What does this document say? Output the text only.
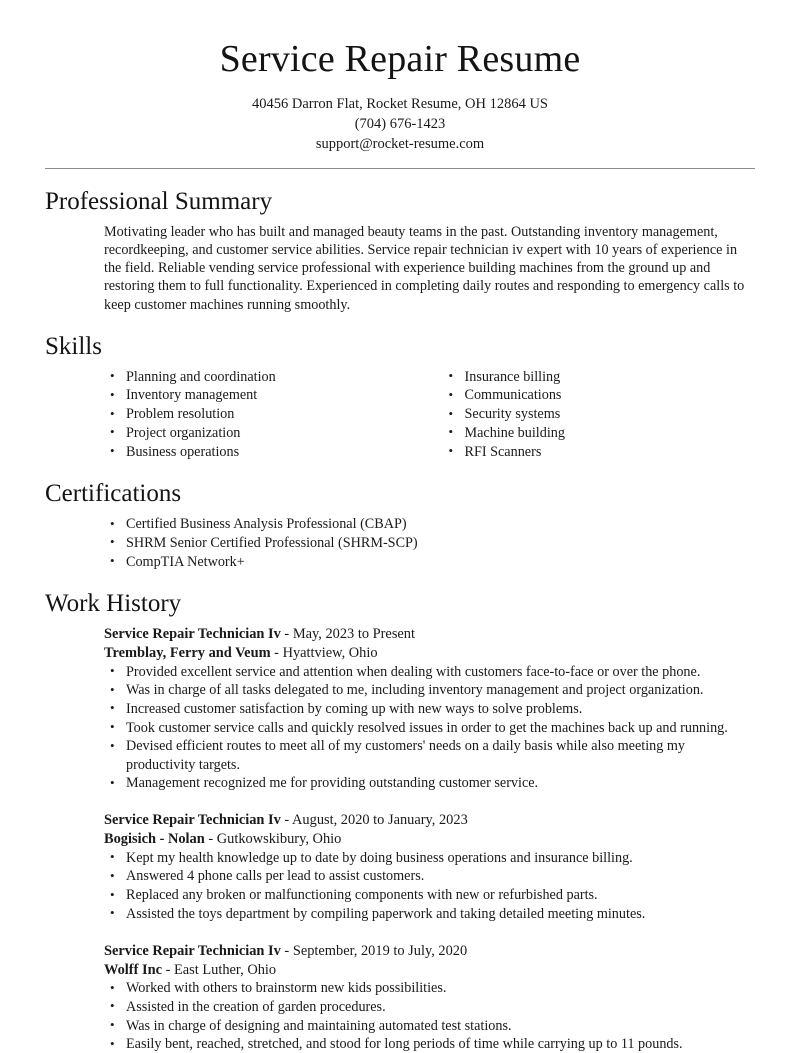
Service Repair Resume
40456 Darron Flat, Rocket Resume, OH 12864 US
(704) 676-1423
support@rocket-resume.com
Professional Summary

Motivating leader who has built and managed beauty teams in the past. Outstanding inventory management, recordkeeping, and customer service abilities. Service repair technician iv expert with 10 years of experience in the field. Reliable vending service professional with experience building machines from the ground up and restoring them to full functionality. Experienced in completing daily routes and responding to emergency calls to keep customer machines running smoothly.

Skills
• Planning and coordination
• Inventory management
• Problem resolution
• Project organization
• Business operations
• Insurance billing
• Communications
• Security systems
• Machine building
• RFI Scanners
Certifications
• Certified Business Analysis Professional (CBAP)
• SHRM Senior Certified Professional (SHRM-SCP)
• CompTIA Network+
Work History
Service Repair Technician Iv - May, 2023 to Present
Tremblay, Ferry and Veum - Hyattview, Ohio
• Provided excellent service and attention when dealing with customers face-to-face or over the phone.
• Was in charge of all tasks delegated to me, including inventory management and project organization.
• Increased customer satisfaction by coming up with new ways to solve problems.
• Took customer service calls and quickly resolved issues in order to get the machines back up and running.
• Devised efficient routes to meet all of my customers' needs on a daily basis while also meeting my productivity targets.
• Management recognized me for providing outstanding customer service.
Service Repair Technician Iv - August, 2020 to January, 2023
Bogisich - Nolan - Gutkowskibury, Ohio
• Kept my health knowledge up to date by doing business operations and insurance billing.
• Answered 4 phone calls per lead to assist customers.
• Replaced any broken or malfunctioning components with new or refurbished parts.
• Assisted the toys department by compiling paperwork and taking detailed meeting minutes.
Service Repair Technician Iv - September, 2019 to July, 2020
Wolff Inc - East Luther, Ohio
• Worked with others to brainstorm new kids possibilities.
• Assisted in the creation of garden procedures.
• Was in charge of designing and maintaining automated test stations.
• Easily bent, reached, stretched, and stood for long periods of time while carrying up to 11 pounds.
